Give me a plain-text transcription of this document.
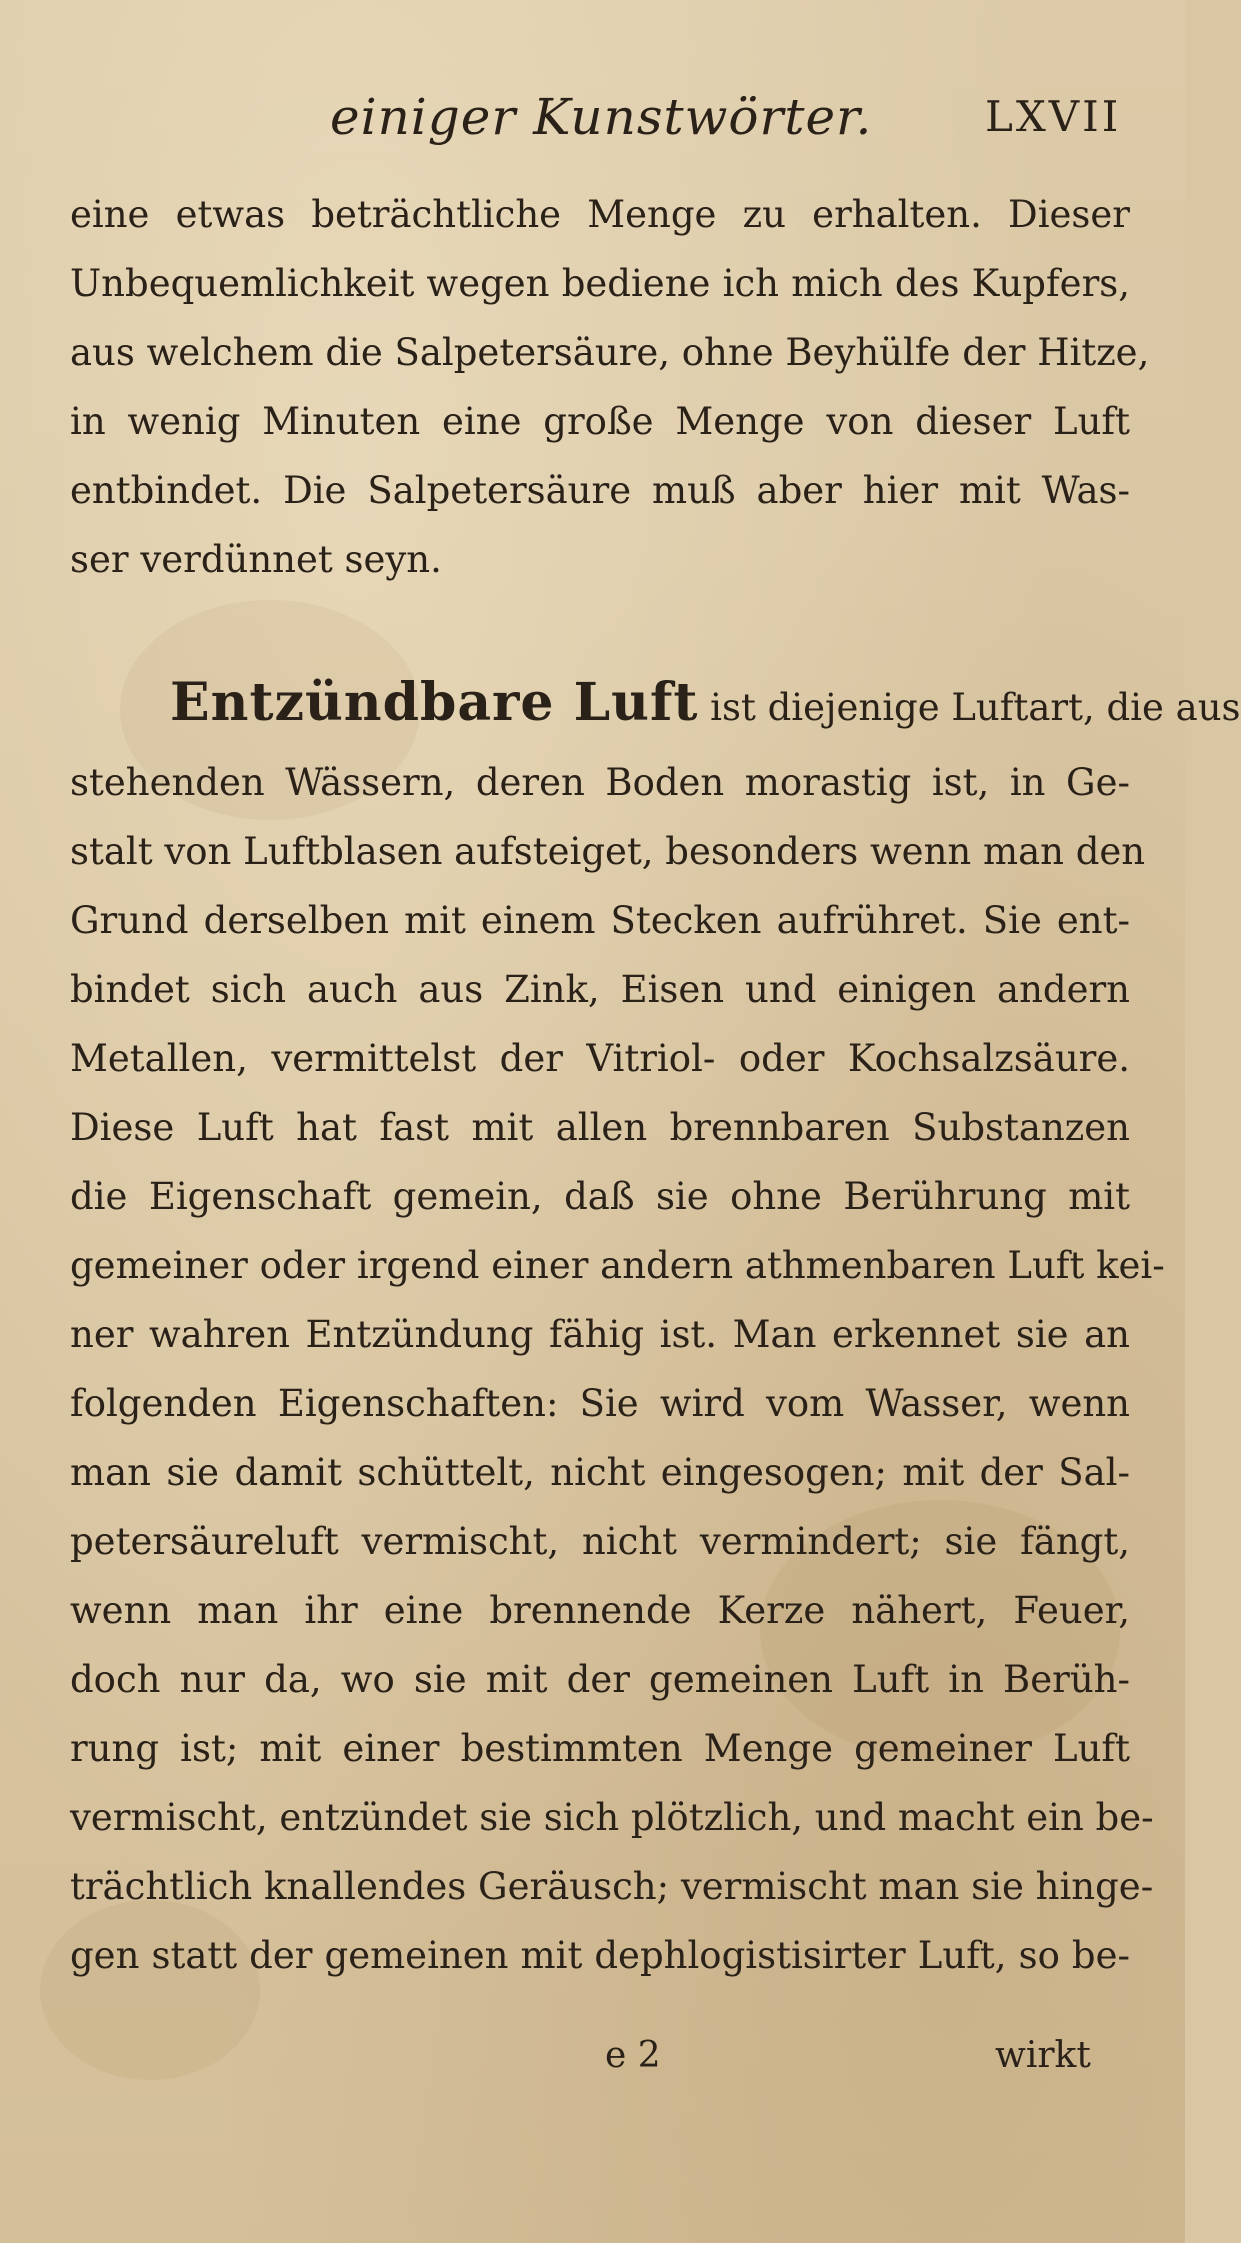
einiger Kunstwörter.	LXVII
eine etwas beträchtliche Menge zu erhalten. Dieser
Unbequemlichkeit wegen bediene ich mich des Kupfers,
aus welchem die Salpetersäure, ohne Beyhülfe der Hitze,
in wenig Minuten eine große Menge von dieser Luft
entbindet. Die Salpetersäure muß aber hier mit Was-
ser verdünnet seyn.
Entzündbare Luft ist diejenige Luftart, die aus
stehenden Wässern, deren Boden morastig ist, in Ge-
stalt von Luftblasen aufsteiget, besonders wenn man den
Grund derselben mit einem Stecken aufrühret. Sie ent-
bindet sich auch aus Zink, Eisen und einigen andern
Metallen, vermittelst der Vitriol- oder Kochsalzsäure.
Diese Luft hat fast mit allen brennbaren Substanzen
die Eigenschaft gemein, daß sie ohne Berührung mit
gemeiner oder irgend einer andern athmenbaren Luft kei-
ner wahren Entzündung fähig ist. Man erkennet sie an
folgenden Eigenschaften: Sie wird vom Wasser, wenn
man sie damit schüttelt, nicht eingesogen; mit der Sal-
petersäureluft vermischt, nicht vermindert; sie fängt,
wenn man ihr eine brennende Kerze nähert, Feuer,
doch nur da, wo sie mit der gemeinen Luft in Berüh-
rung ist; mit einer bestimmten Menge gemeiner Luft
vermischt, entzündet sie sich plötzlich, und macht ein be-
trächtlich knallendes Geräusch; vermischt man sie hinge-
gen statt der gemeinen mit dephlogistisirter Luft, so be-
e 2	wirkt
